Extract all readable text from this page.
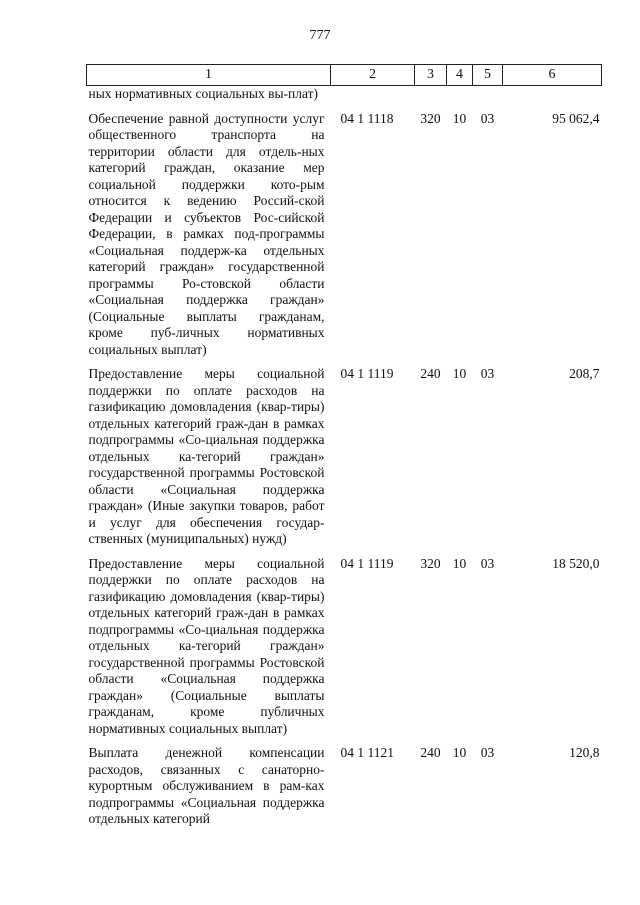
777
1	2	3	4	5	6
ных нормативных социальных вы-плат)					

Обеспечение равной доступности услуг общественного транспорта на территории области для отдель-ных категорий граждан, оказание мер социальной поддержки кото-рым относится к ведению Россий-ской Федерации и субъектов Рос-сийской Федерации, в рамках под-программы «Социальная поддерж-ка отдельных категорий граждан» государственной программы Ро-стовской области «Социальная поддержка граждан» (Социальные выплаты гражданам, кроме пуб-личных нормативных социальных выплат)	04 1 1118	320	10	03	95 062,4

Предоставление меры социальной поддержки по оплате расходов на газификацию домовладения (квар-тиры) отдельных категорий граж-дан в рамках подпрограммы «Со-циальная поддержка отдельных ка-тегорий граждан» государственной программы Ростовской области «Социальная поддержка граждан» (Иные закупки товаров, работ и услуг для обеспечения государ-ственных (муниципальных) нужд)	04 1 1119	240	10	03	208,7

Предоставление меры социальной поддержки по оплате расходов на газификацию домовладения (квар-тиры) отдельных категорий граж-дан в рамках подпрограммы «Со-циальная поддержка отдельных ка-тегорий граждан» государственной программы Ростовской области «Социальная поддержка граждан» (Социальные выплаты гражданам, кроме публичных нормативных социальных выплат)	04 1 1119	320	10	03	18 520,0

Выплата денежной компенсации расходов, связанных с санаторно-курортным обслуживанием в рам-ках подпрограммы «Социальная поддержка отдельных категорий	04 1 1121	240	10	03	120,8
